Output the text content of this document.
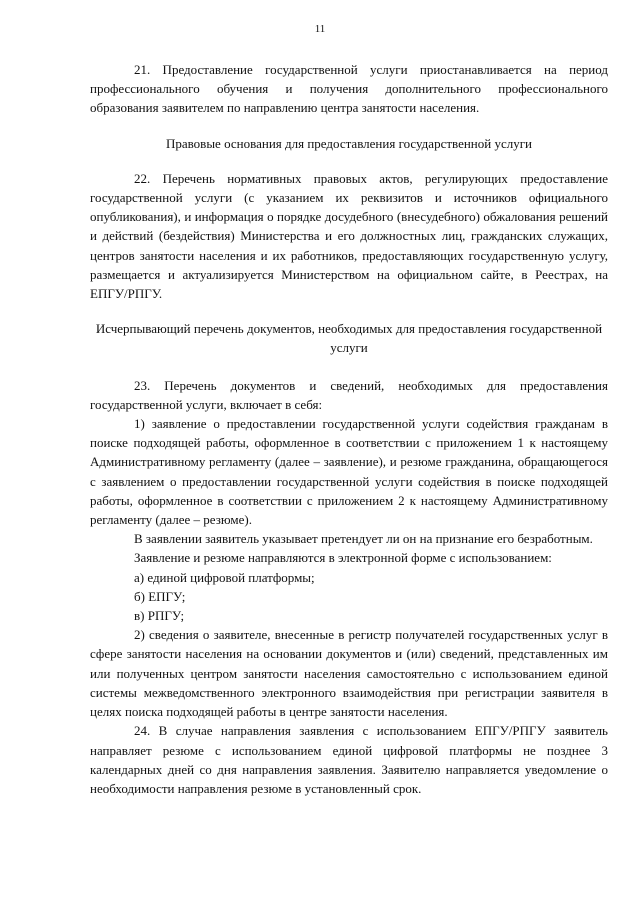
11

21. Предоставление государственной услуги приостанавливается на период профессионального обучения и получения дополнительного профессионального образования заявителем по направлению центра занятости населения.

Правовые основания для предоставления государственной услуги

22. Перечень нормативных правовых актов, регулирующих предоставление государственной услуги (с указанием их реквизитов и источников официального опубликования), и информация о порядке досудебного (внесудебного) обжалования решений и действий (бездействия) Министерства и его должностных лиц, гражданских служащих, центров занятости населения и их работников, предоставляющих государственную услугу, размещается и актуализируется Министерством на официальном сайте, в Реестрах, на ЕПГУ/РПГУ.

Исчерпывающий перечень документов, необходимых для предоставления государственной услуги

23. Перечень документов и сведений, необходимых для предоставления государственной услуги, включает в себя:

1) заявление о предоставлении государственной услуги содействия гражданам в поиске подходящей работы, оформленное в соответствии с приложением 1 к настоящему Административному регламенту (далее – заявление), и резюме гражданина, обращающегося с заявлением о предоставлении государственной услуги содействия в поиске подходящей работы, оформленное в соответствии с приложением 2 к настоящему Административному регламенту (далее – резюме).

В заявлении заявитель указывает претендует ли он на признание его безработным.

Заявление и резюме направляются в электронной форме с использованием:

а) единой цифровой платформы;

б) ЕПГУ;

в) РПГУ;

2) сведения о заявителе, внесенные в регистр получателей государственных услуг в сфере занятости населения на основании документов и (или) сведений, представленных им или полученных центром занятости населения самостоятельно с использованием единой системы межведомственного электронного взаимодействия при регистрации заявителя в целях поиска подходящей работы в центре занятости населения.

24. В случае направления заявления с использованием ЕПГУ/РПГУ заявитель направляет резюме с использованием единой цифровой платформы не позднее 3 календарных дней со дня направления заявления. Заявителю направляется уведомление о необходимости направления резюме в установленный срок.
